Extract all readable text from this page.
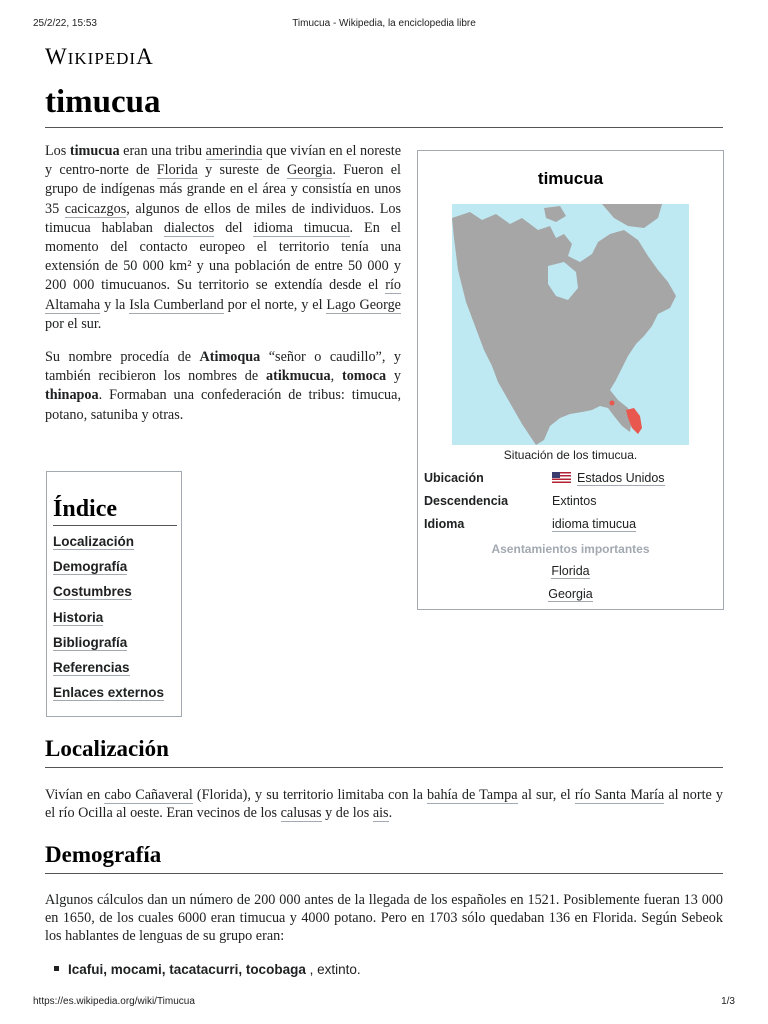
25/2/22, 15:53	Timucua - Wikipedia, la enciclopedia libre
WIKIPEDIA
timucua

Los timucua eran una tribu amerindia que vivían en el noreste y centro-norte de Florida y sureste de Georgia. Fueron el grupo de indígenas más grande en el área y consistía en unos 35 cacicazgos, algunos de ellos de miles de individuos. Los timucua hablaban dialectos del idioma timucua. En el momento del contacto europeo el territorio tenía una extensión de 50 000 km² y una población de entre 50 000 y 200 000 timucuanos. Su territorio se extendía desde el río Altamaha y la Isla Cumberland por el norte, y el Lago George por el sur.

Su nombre procedía de Atimoqua “señor o caudillo”, y también recibieron los nombres de atikmucua, tomoca y thinapoa. Formaban una confederación de tribus: timucua, potano, satuniba y otras.

timucua
Situación de los timucua.
Ubicación	Estados Unidos
Descendencia	Extintos
Idioma	idioma timucua
Asentamientos importantes
Florida
Georgia
Índice
Localización
Demografía
Costumbres
Historia
Bibliografía
Referencias
Enlaces externos
Localización

Vivían en cabo Cañaveral (Florida), y su territorio limitaba con la bahía de Tampa al sur, el río Santa María al norte y el río Ocilla al oeste. Eran vecinos de los calusas y de los ais.

Demografía

Algunos cálculos dan un número de 200 000 antes de la llegada de los españoles en 1521. Posiblemente fueran 13 000 en 1650, de los cuales 6000 eran timucua y 4000 potano. Pero en 1703 sólo quedaban 136 en Florida. Según Sebeok los hablantes de lenguas de su grupo eran:

Icafui, mocami, tacatacurri, tocobaga , extinto.
https://es.wikipedia.org/wiki/Timucua	1/3
